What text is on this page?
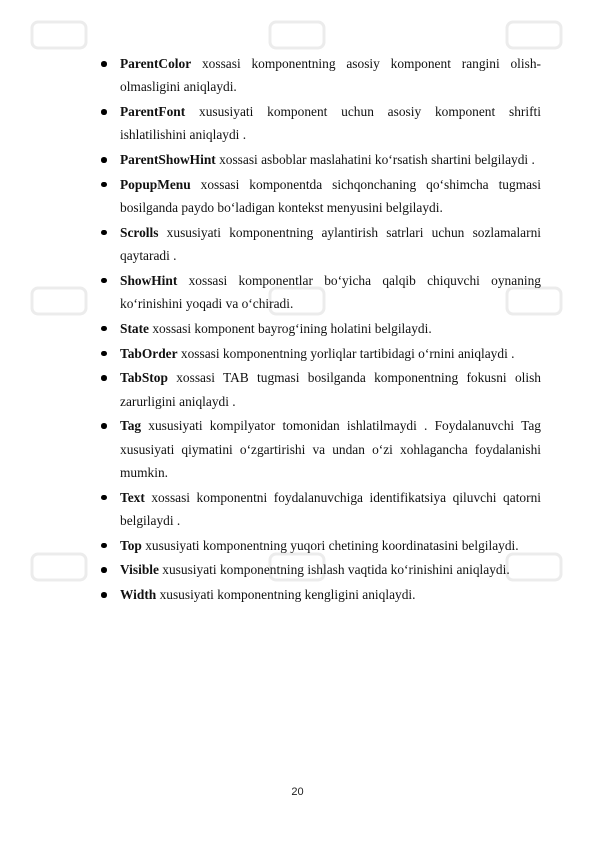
ParentColor xossasi komponentning asosiy komponent rangini olish-olmasligini aniqlaydi.
ParentFont xususiyati komponent uchun asosiy komponent shrifti ishlatilishini aniqlaydi .
ParentShowHint xossasi asboblar maslahatini ko‘rsatish shartini belgilaydi .
PopupMenu xossasi komponentda sichqonchaning qo‘shimcha tugmasi bosilganda paydo bo‘ladigan kontekst menyusini belgilaydi.
Scrolls xususiyati komponentning aylantirish satrlari uchun sozlamalarni qaytaradi .
ShowHint xossasi komponentlar bo‘yicha qalqib chiquvchi oynaning ko‘rinishini yoqadi va o‘chiradi.
State xossasi komponent bayrog‘ining holatini belgilaydi.
TabOrder xossasi komponentning yorliqlar tartibidagi o‘rnini aniqlaydi .
TabStop xossasi TAB tugmasi bosilganda komponentning fokusni olish zarurligini aniqlaydi .
Tag xususiyati kompilyator tomonidan ishlatilmaydi . Foydalanuvchi Tag xususiyati qiymatini o‘zgartirishi va undan o‘zi xohlagancha foydalanishi mumkin.
Text xossasi komponentni foydalanuvchiga identifikatsiya qiluvchi qatorni belgilaydi .
Top xususiyati komponentning yuqori chetining koordinatasini belgilaydi.
Visible xususiyati komponentning ishlash vaqtida ko‘rinishini aniqlaydi.
Width xususiyati komponentning kengligini aniqlaydi.
20
